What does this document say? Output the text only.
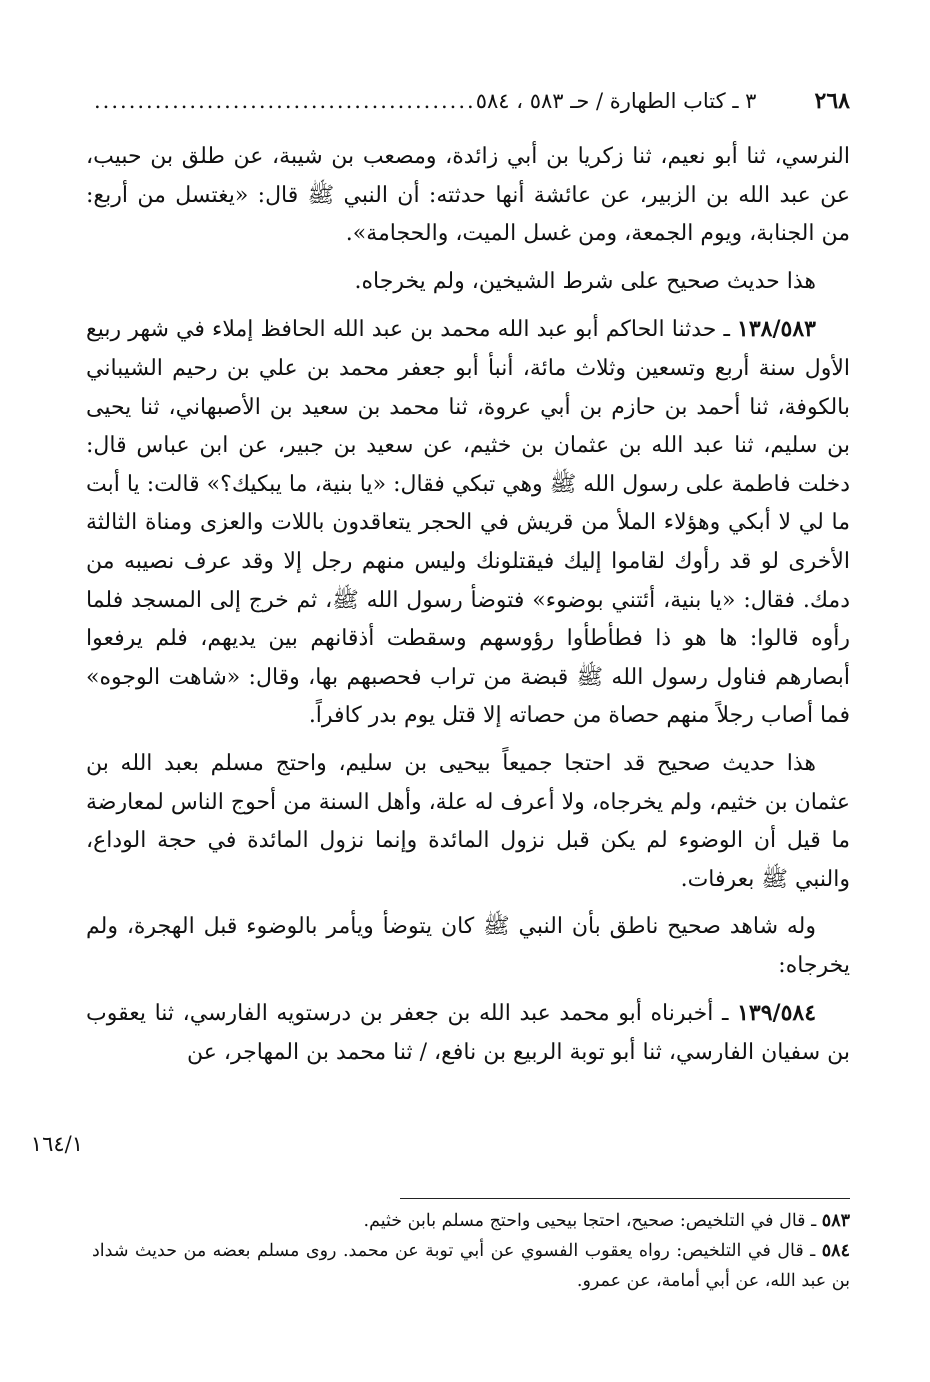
٢٦٨
٣ ـ كتاب الطهارة / حـ ٥٨٣ ، ٥٨٤
............................................

النرسي، ثنا أبو نعيم، ثنا زكريا بن أبي زائدة، ومصعب بن شيبة، عن طلق بن حبيب، عن عبد الله بن الزبير، عن عائشة أنها حدثته: أن النبي ﷺ قال: «يغتسل من أربع: من الجنابة، ويوم الجمعة، ومن غسل الميت، والحجامة».

هذا حديث صحيح على شرط الشيخين، ولم يخرجاه.

١٣٨/٥٨٣ ـ حدثنا الحاكم أبو عبد الله محمد بن عبد الله الحافظ إملاء في شهر ربيع الأول سنة أربع وتسعين وثلاث مائة، أنبأ أبو جعفر محمد بن علي بن رحيم الشيباني بالكوفة، ثنا أحمد بن حازم بن أبي عروة، ثنا محمد بن سعيد بن الأصبهاني، ثنا يحيى بن سليم، ثنا عبد الله بن عثمان بن خثيم، عن سعيد بن جبير، عن ابن عباس قال: دخلت فاطمة على رسول الله ﷺ وهي تبكي فقال: «يا بنية، ما يبكيك؟» قالت: يا أبت ما لي لا أبكي وهؤلاء الملأ من قريش في الحجر يتعاقدون باللات والعزى ومناة الثالثة الأخرى لو قد رأوك لقاموا إليك فيقتلونك وليس منهم رجل إلا وقد عرف نصيبه من دمك. فقال: «يا بنية، أئتني بوضوء» فتوضأ رسول الله ﷺ، ثم خرج إلى المسجد فلما رأوه قالوا: ها هو ذا فطأطأوا رؤوسهم وسقطت أذقانهم بين يديهم، فلم يرفعوا أبصارهم فناول رسول الله ﷺ قبضة من تراب فحصبهم بها، وقال: «شاهت الوجوه» فما أصاب رجلاً منهم حصاة من حصاته إلا قتل يوم بدر كافراً.

هذا حديث صحيح قد احتجا جميعاً بيحيى بن سليم، واحتج مسلم بعبد الله بن عثمان بن خثيم، ولم يخرجاه، ولا أعرف له علة، وأهل السنة من أحوج الناس لمعارضة ما قيل أن الوضوء لم يكن قبل نزول المائدة وإنما نزول المائدة في حجة الوداع، والنبي ﷺ بعرفات.

وله شاهد صحيح ناطق بأن النبي ﷺ كان يتوضأ ويأمر بالوضوء قبل الهجرة، ولم يخرجاه:

١٣٩/٥٨٤ ـ أخبرناه أبو محمد عبد الله بن جعفر بن درستويه الفارسي، ثنا يعقوب بن سفيان الفارسي، ثنا أبو توبة الربيع بن نافع، / ثنا محمد بن المهاجر، عن

١٦٤/١

٥٨٣ ـ قال في التلخيص: صحيح، احتجا بيحيى واحتج مسلم بابن خثيم.

٥٨٤ ـ قال في التلخيص: رواه يعقوب الفسوي عن أبي توبة عن محمد. روى مسلم بعضه من حديث شداد بن عبد الله، عن أبي أمامة، عن عمرو.
